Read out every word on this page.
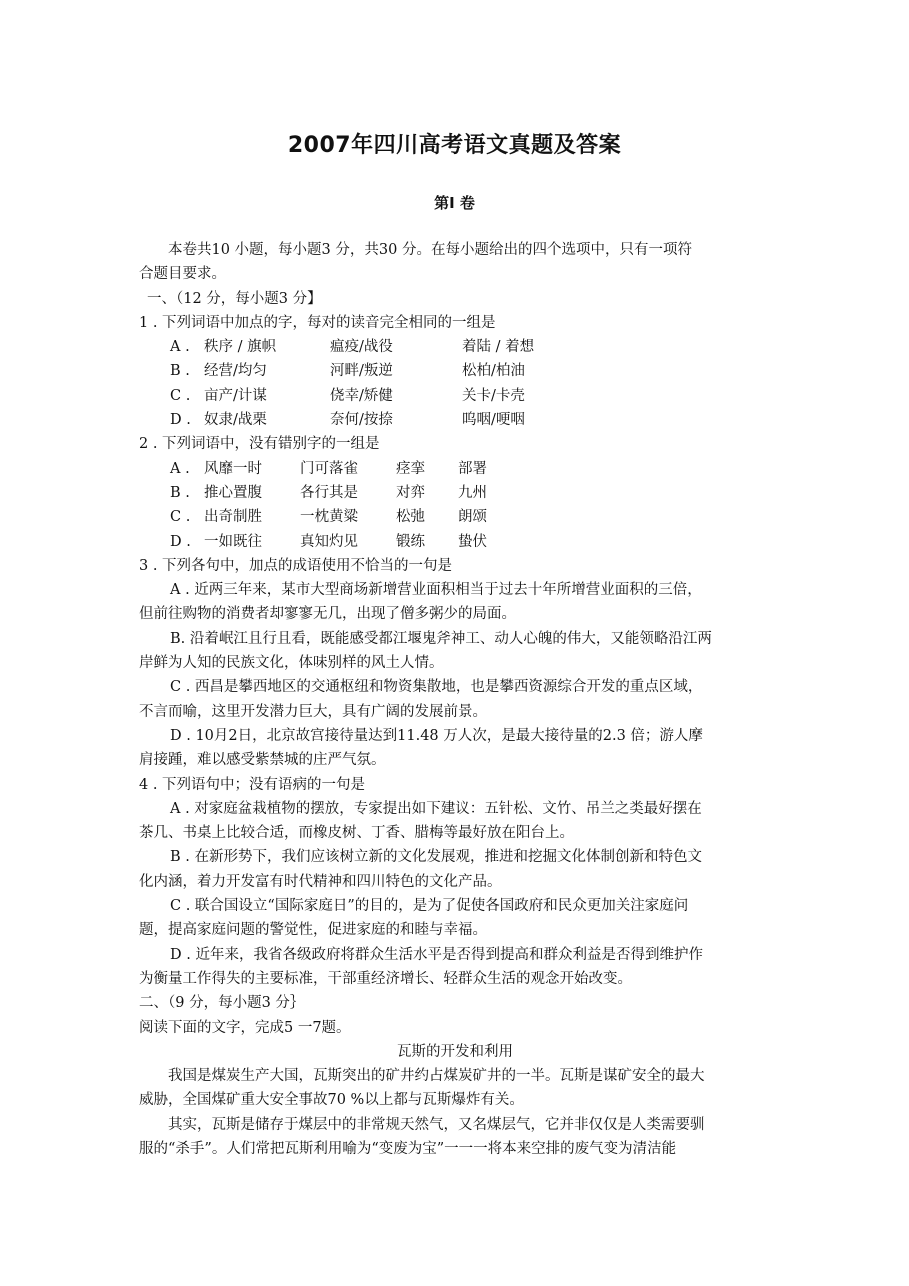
2007年四川高考语文真题及答案
第I 卷
本卷共10 小题，每小题3 分，共30 分。在每小题给出的四个选项中，只有一项符
合题目要求。
一、（12 分，每小题3 分】
1 . 下列词语中加点的字，每对的读音完全相同的一组是
A . 秩序 / 旗帜	瘟疫/战役	着陆 / 着想
B . 经营/均匀	河畔/叛逆	松柏/柏油
C . 亩产/计谋	侥幸/矫健	关卡/卡壳
D . 奴隶/战栗	奈何/按捺	呜咽/哽咽
2 . 下列词语中，没有错别字的一组是
A . 风靡一时	门可落雀	痉挛	部署
B . 推心置腹	各行其是	对弈	九州
C . 出奇制胜	一枕黄粱	松弛	朗颂
D . 一如既往	真知灼见	锻练	蛰伏
3 . 下列各句中，加点的成语使用不恰当的一句是
A . 近两三年来，某市大型商场新增营业面积相当于过去十年所增营业面积的三倍，
但前往购物的消费者却寥寥无几，出现了僧多粥少的局面。
B. 沿着岷江且行且看，既能感受都江堰鬼斧神工、动人心魄的伟大，又能领略沿江两
岸鲜为人知的民族文化，体味别样的风土人情。
C . 西昌是攀西地区的交通枢纽和物资集散地，也是攀西资源综合开发的重点区域，
不言而喻，这里开发潜力巨大，具有广阔的发展前景。
D . 10月2日，北京故宫接待量达到11.48 万人次，是最大接待量的2.3 倍；游人摩
肩接踵，难以感受紫禁城的庄严气氛。
4 . 下列语句中；没有语病的一句是
A . 对家庭盆栽植物的摆放，专家提出如下建议：五针松、文竹、吊兰之类最好摆在
茶几、书桌上比较合适，而橡皮树、丁香、腊梅等最好放在阳台上。
B . 在新形势下，我们应该树立新的文化发展观，推进和挖掘文化体制创新和特色文
化内涵，着力开发富有时代精神和四川特色的文化产品。
C . 联合国设立“国际家庭日”的目的，是为了促使各国政府和民众更加关注家庭问
题，提高家庭问题的警觉性，促进家庭的和睦与幸福。
D . 近年来，我省各级政府将群众生活水平是否得到提高和群众利益是否得到维护作
为衡量工作得失的主要标准，干部重经济增长、轻群众生活的观念开始改变。
二、（9 分，每小题3 分｝
阅读下面的文字，完成5 一7题。
瓦斯的开发和利用
我国是煤炭生产大国，瓦斯突出的矿井约占煤炭矿井的一半。瓦斯是谋矿安全的最大
威胁，全国煤矿重大安全事故70 %以上都与瓦斯爆炸有关。
其实，瓦斯是储存于煤层中的非常规天然气，又名煤层气，它并非仅仅是人类需要驯
服的“杀手”。人们常把瓦斯利用喻为“变废为宝”一一一将本来空排的废气变为清洁能
